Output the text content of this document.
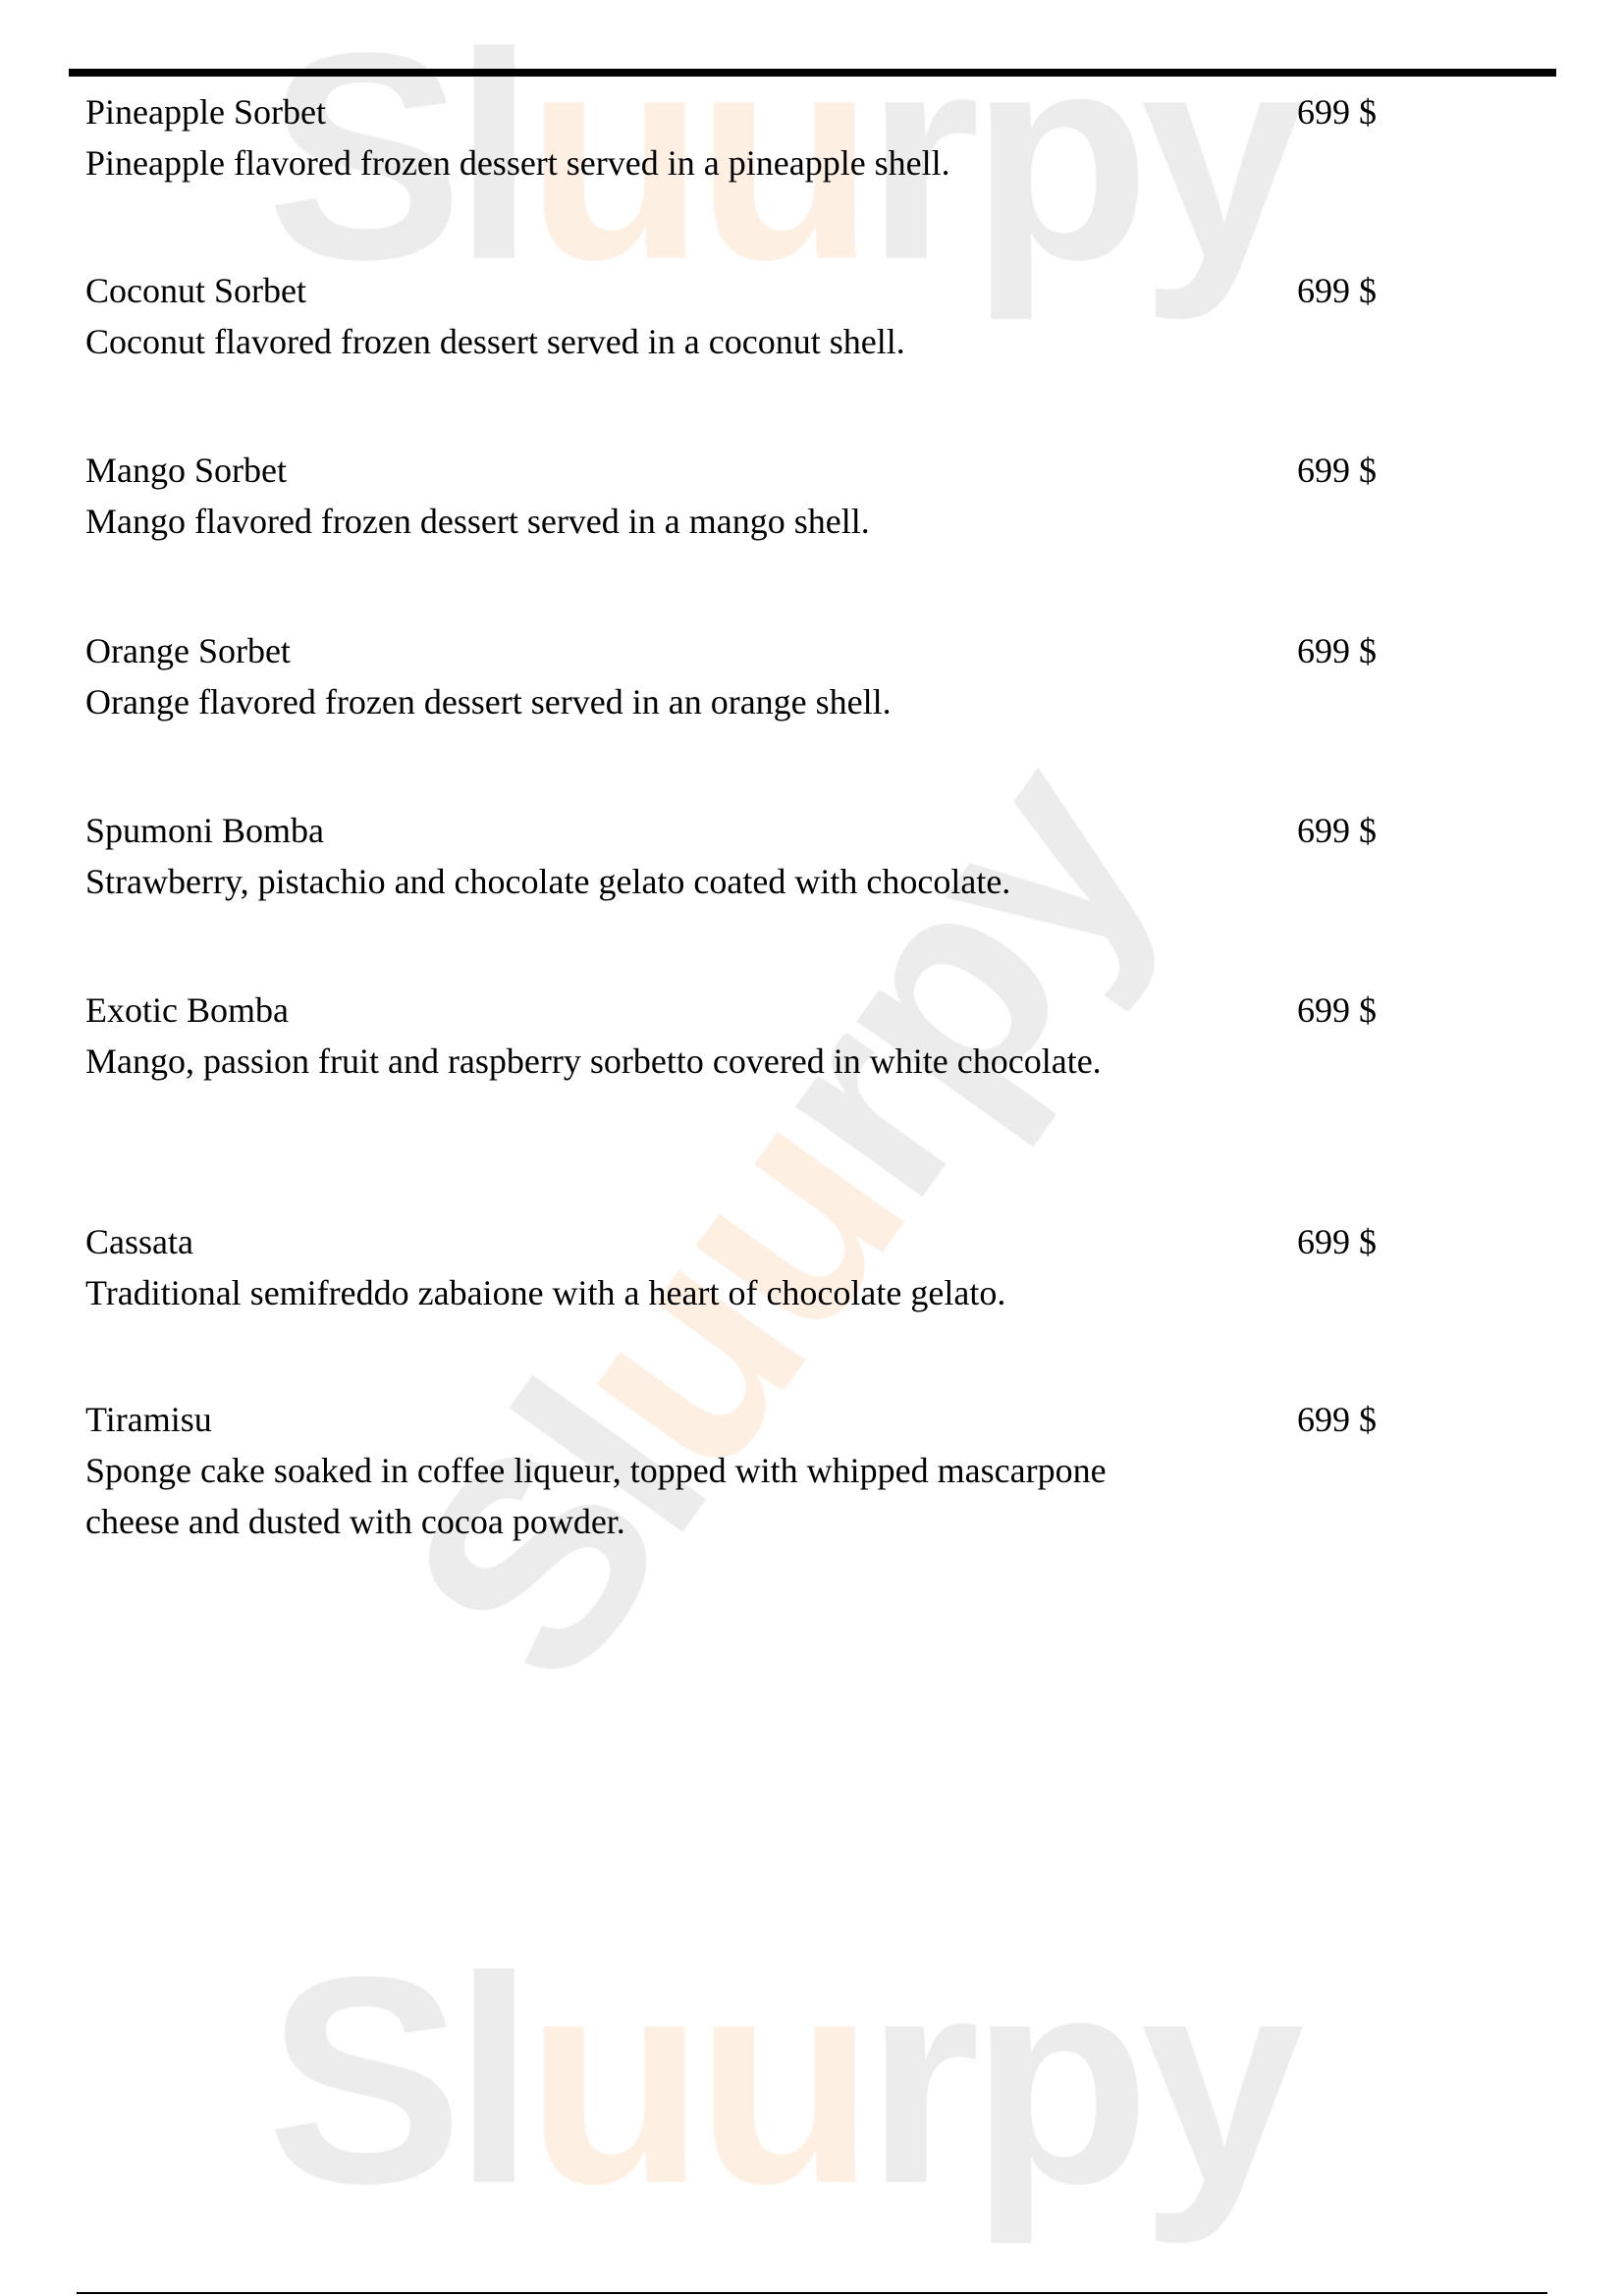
Pineapple Sorbet
Pineapple flavored frozen dessert served in a pineapple shell.
699 $
Coconut Sorbet
Coconut flavored frozen dessert served in a coconut shell.
699 $
Mango Sorbet
Mango flavored frozen dessert served in a mango shell.
699 $
Orange Sorbet
Orange flavored frozen dessert served in an orange shell.
699 $
Spumoni Bomba
Strawberry, pistachio and chocolate gelato coated with chocolate.
699 $
Exotic Bomba
Mango, passion fruit and raspberry sorbetto covered in white chocolate.
699 $
Cassata
Traditional semifreddo zabaione with a heart of chocolate gelato.
699 $
Tiramisu
Sponge cake soaked in coffee liqueur, topped with whipped mascarpone cheese and dusted with cocoa powder.
699 $
